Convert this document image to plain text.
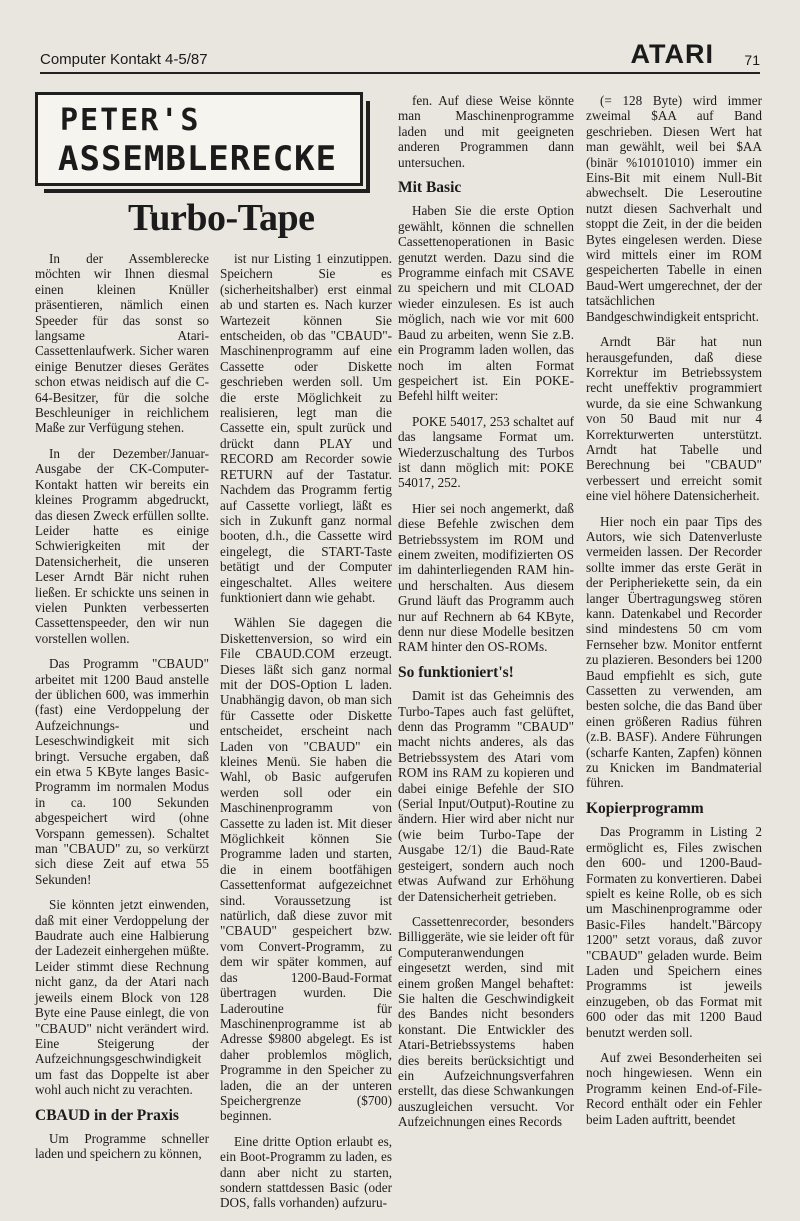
Computer Kontakt 4-5/87	ATARI 71
PETER'S
ASSEMBLERECKE
Turbo-Tape

In der Assemblerecke möchten wir Ihnen diesmal einen kleinen Knüller präsentieren, nämlich einen Speeder für das sonst so langsame Atari-Cassettenlaufwerk. Sicher waren einige Benutzer dieses Gerätes schon etwas neidisch auf die C-64-Besitzer, für die solche Beschleuniger in reichlichem Maße zur Verfügung stehen.

In der Dezember/Januar-Ausgabe der CK-Computer-Kontakt hatten wir bereits ein kleines Programm abgedruckt, das diesen Zweck erfüllen sollte. Leider hatte es einige Schwierigkeiten mit der Datensicherheit, die unseren Leser Arndt Bär nicht ruhen ließen. Er schickte uns seinen in vielen Punkten verbesserten Cassettenspeeder, den wir nun vorstellen wollen.

Das Programm "CBAUD" arbeitet mit 1200 Baud anstelle der üblichen 600, was immerhin (fast) eine Verdoppelung der Aufzeichnungs- und Leseschwindigkeit mit sich bringt. Versuche ergaben, daß ein etwa 5 KByte langes Basic-Programm im normalen Modus in ca. 100 Sekunden abgespeichert wird (ohne Vorspann gemessen). Schaltet man "CBAUD" zu, so verkürzt sich diese Zeit auf etwa 55 Sekunden!

Sie könnten jetzt einwenden, daß mit einer Verdoppelung der Baudrate auch eine Halbierung der Ladezeit einhergehen müßte. Leider stimmt diese Rechnung nicht ganz, da der Atari nach jeweils einem Block von 128 Byte eine Pause einlegt, die von "CBAUD" nicht verändert wird. Eine Steigerung der Aufzeichnungsgeschwindigkeit um fast das Doppelte ist aber wohl auch nicht zu verachten.

CBAUD in der Praxis

Um Programme schneller laden und speichern zu können,

ist nur Listing 1 einzutippen. Speichern Sie es (sicherheitshalber) erst einmal ab und starten es. Nach kurzer Wartezeit können Sie entscheiden, ob das "CBAUD"-Maschinenprogramm auf eine Cassette oder Diskette geschrieben werden soll. Um die erste Möglichkeit zu realisieren, legt man die Cassette ein, spult zurück und drückt dann PLAY und RECORD am Recorder sowie RETURN auf der Tastatur. Nachdem das Programm fertig auf Cassette vorliegt, läßt es sich in Zukunft ganz normal booten, d.h., die Cassette wird eingelegt, die START-Taste betätigt und der Computer eingeschaltet. Alles weitere funktioniert dann wie gehabt.

Wählen Sie dagegen die Diskettenversion, so wird ein File CBAUD.COM erzeugt. Dieses läßt sich ganz normal mit der DOS-Option L laden. Unabhängig davon, ob man sich für Cassette oder Diskette entscheidet, erscheint nach Laden von "CBAUD" ein kleines Menü. Sie haben die Wahl, ob Basic aufgerufen werden soll oder ein Maschinenprogramm von Cassette zu laden ist. Mit dieser Möglichkeit können Sie Programme laden und starten, die in einem bootfähigen Cassettenformat aufgezeichnet sind. Voraussetzung ist natürlich, daß diese zuvor mit "CBAUD" gespeichert bzw. vom Convert-Programm, zu dem wir später kommen, auf das 1200-Baud-Format übertragen wurden. Die Laderoutine für Maschinenprogramme ist ab Adresse $9800 abgelegt. Es ist daher problemlos möglich, Programme in den Speicher zu laden, die an der unteren Speichergrenze ($700) beginnen.

Eine dritte Option erlaubt es, ein Boot-Programm zu laden, es dann aber nicht zu starten, sondern stattdessen Basic (oder DOS, falls vorhanden) aufzuru-

fen. Auf diese Weise könnte man Maschinenprogramme laden und mit geeigneten anderen Programmen dann untersuchen.

Mit Basic

Haben Sie die erste Option gewählt, können die schnellen Cassettenoperationen in Basic genutzt werden. Dazu sind die Programme einfach mit CSAVE zu speichern und mit CLOAD wieder einzulesen. Es ist auch möglich, nach wie vor mit 600 Baud zu arbeiten, wenn Sie z.B. ein Programm laden wollen, das noch im alten Format gespeichert ist. Ein POKE-Befehl hilft weiter:

POKE 54017, 253 schaltet auf das langsame Format um. Wiederzuschaltung des Turbos ist dann möglich mit: POKE 54017, 252.

Hier sei noch angemerkt, daß diese Befehle zwischen dem Betriebssystem im ROM und einem zweiten, modifizierten OS im dahinterliegenden RAM hin- und herschalten. Aus diesem Grund läuft das Programm auch nur auf Rechnern ab 64 KByte, denn nur diese Modelle besitzen RAM hinter den OS-ROMs.

So funktioniert's!

Damit ist das Geheimnis des Turbo-Tapes auch fast gelüftet, denn das Programm "CBAUD" macht nichts anderes, als das Betriebssystem des Atari vom ROM ins RAM zu kopieren und dabei einige Befehle der SIO (Serial Input/Output)-Routine zu ändern. Hier wird aber nicht nur (wie beim Turbo-Tape der Ausgabe 12/1) die Baud-Rate gesteigert, sondern auch noch etwas Aufwand zur Erhöhung der Datensicherheit getrieben.

Cassettenrecorder, besonders Billiggeräte, wie sie leider oft für Computeranwendungen eingesetzt werden, sind mit einem großen Mangel behaftet: Sie halten die Geschwindigkeit des Bandes nicht besonders konstant. Die Entwickler des Atari-Betriebssystems haben dies bereits berücksichtigt und ein Aufzeichnungsverfahren erstellt, das diese Schwankungen auszugleichen versucht. Vor Aufzeichnungen eines Records

(= 128 Byte) wird immer zweimal $AA auf Band geschrieben. Diesen Wert hat man gewählt, weil bei $AA (binär %10101010) immer ein Eins-Bit mit einem Null-Bit abwechselt. Die Leseroutine nutzt diesen Sachverhalt und stoppt die Zeit, in der die beiden Bytes eingelesen werden. Diese wird mittels einer im ROM gespeicherten Tabelle in einen Baud-Wert umgerechnet, der der tatsächlichen Bandgeschwindigkeit entspricht.

Arndt Bär hat nun herausgefunden, daß diese Korrektur im Betriebssystem recht uneffektiv programmiert wurde, da sie eine Schwankung von 50 Baud mit nur 4 Korrekturwerten unterstützt. Arndt hat Tabelle und Berechnung bei "CBAUD" verbessert und erreicht somit eine viel höhere Datensicherheit.

Hier noch ein paar Tips des Autors, wie sich Datenverluste vermeiden lassen. Der Recorder sollte immer das erste Gerät in der Peripheriekette sein, da ein langer Übertragungsweg stören kann. Datenkabel und Recorder sind mindestens 50 cm vom Fernseher bzw. Monitor entfernt zu plazieren. Besonders bei 1200 Baud empfiehlt es sich, gute Cassetten zu verwenden, am besten solche, die das Band über einen größeren Radius führen (z.B. BASF). Andere Führungen (scharfe Kanten, Zapfen) können zu Knicken im Bandmaterial führen.

Kopierprogramm

Das Programm in Listing 2 ermöglicht es, Files zwischen den 600- und 1200-Baud-Formaten zu konvertieren. Dabei spielt es keine Rolle, ob es sich um Maschinenprogramme oder Basic-Files handelt."Bärcopy 1200" setzt voraus, daß zuvor "CBAUD" geladen wurde. Beim Laden und Speichern eines Programms ist jeweils einzugeben, ob das Format mit 600 oder das mit 1200 Baud benutzt werden soll.

Auf zwei Besonderheiten sei noch hingewiesen. Wenn ein Programm keinen End-of-File-Record enthält oder ein Fehler beim Laden auftritt, beendet
